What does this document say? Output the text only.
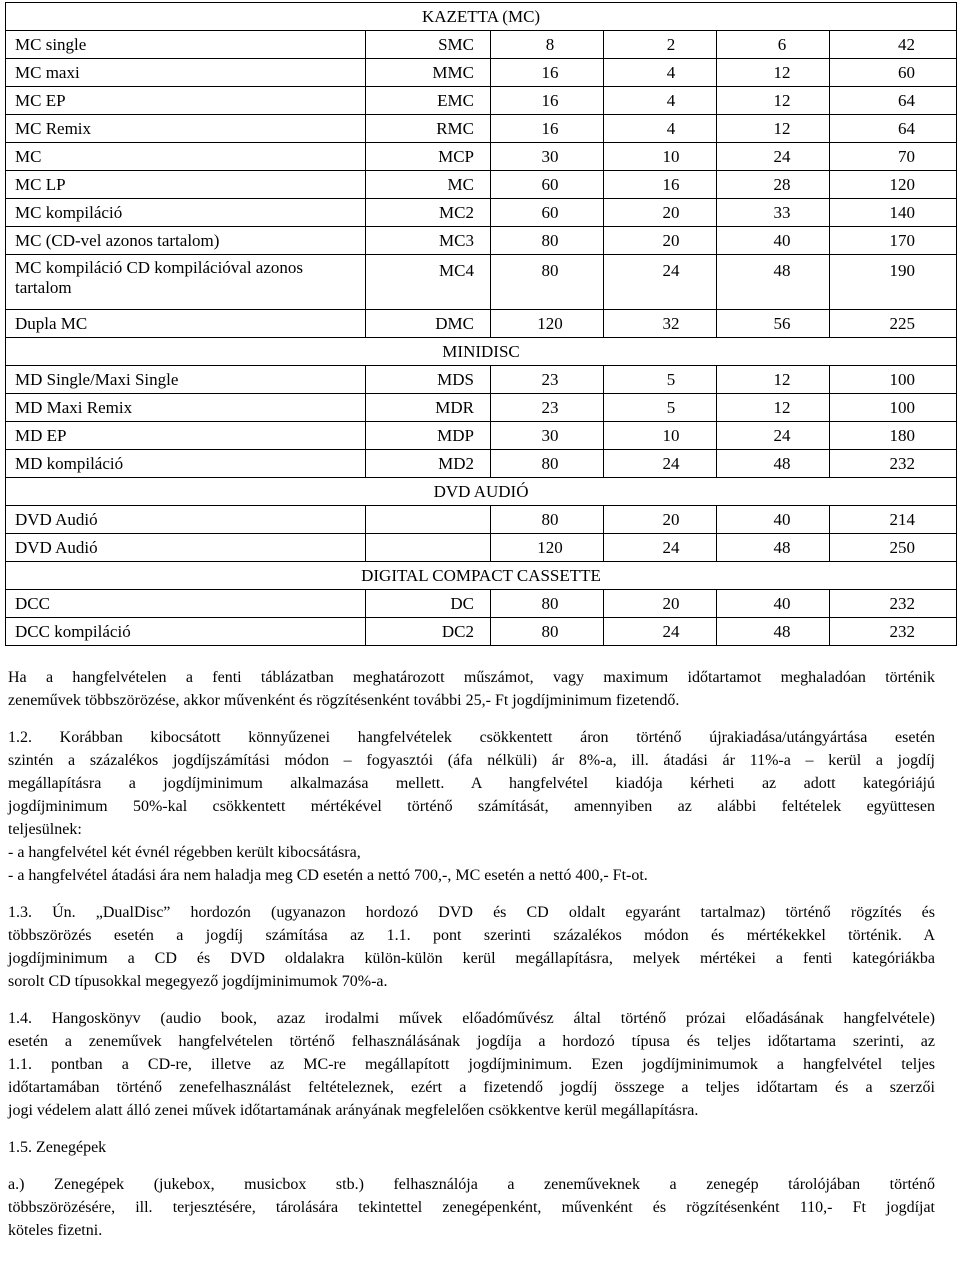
KAZETTA (MC)					
MC single	SMC	8	2	6	42
MC maxi	MMC	16	4	12	60
MC EP	EMC	16	4	12	64
MC Remix	RMC	16	4	12	64
MC	MCP	30	10	24	70
MC LP	MC	60	16	28	120
MC kompiláció	MC2	60	20	33	140
MC (CD-vel azonos tartalom)	MC3	80	20	40	170
MC kompiláció CD kompilációval azonos tartalom	MC4	80	24	48	190
Dupla MC	DMC	120	32	56	225
MINIDISC					
MD Single/Maxi Single	MDS	23	5	12	100
MD Maxi Remix	MDR	23	5	12	100
MD EP	MDP	30	10	24	180
MD kompiláció	MD2	80	24	48	232
DVD AUDIÓ					
DVD Audió		80	20	40	214
DVD Audió		120	24	48	250
DIGITAL COMPACT CASSETTE					
DCC	DC	80	20	40	232
DCC kompiláció	DC2	80	24	48	232

Ha a hangfelvételen a fenti táblázatban meghatározott műszámot, vagy maximum időtartamot meghaladóan történik
zeneművek többszörözése, akkor művenként és rögzítésenként további 25,- Ft jogdíjminimum fizetendő.

1.2. Korábban kibocsátott könnyűzenei hangfelvételek csökkentett áron történő újrakiadása/utángyártása esetén
szintén a százalékos jogdíjszámítási módon – fogyasztói (áfa nélküli) ár 8%-a, ill. átadási ár 11%-a – kerül a jogdíj
megállapításra a jogdíjminimum alkalmazása mellett. A hangfelvétel kiadója kérheti az adott kategóriájú
jogdíjminimum 50%-kal csökkentett mértékével történő számítását, amennyiben az alábbi feltételek együttesen
teljesülnek:
- a hangfelvétel két évnél régebben került kibocsátásra,
- a hangfelvétel átadási ára nem haladja meg CD esetén a nettó 700,-, MC esetén a nettó 400,- Ft-ot.

1.3. Ún. „DualDisc” hordozón (ugyanazon hordozó DVD és CD oldalt egyaránt tartalmaz) történő rögzítés és
többszörözés esetén a jogdíj számítása az 1.1. pont szerinti százalékos módon és mértékekkel történik. A
jogdíjminimum a CD és DVD oldalakra külön-külön kerül megállapításra, melyek mértékei a fenti kategóriákba
sorolt CD típusokkal megegyező jogdíjminimumok 70%-a.

1.4. Hangoskönyv (audio book, azaz irodalmi művek előadóművész által történő prózai előadásának hangfelvétele)
esetén a zeneművek hangfelvételen történő felhasználásának jogdíja a hordozó típusa és teljes időtartama szerinti, az
1.1. pontban a CD-re, illetve az MC-re megállapított jogdíjminimum. Ezen jogdíjminimumok a hangfelvétel teljes
időtartamában történő zenefelhasználást feltételeznek, ezért a fizetendő jogdíj összege a teljes időtartam és a szerzői
jogi védelem alatt álló zenei művek időtartamának arányának megfelelően csökkentve kerül megállapításra.

1.5. Zenegépek

a.) Zenegépek (jukebox, musicbox stb.) felhasználója a zeneműveknek a zenegép tárolójában történő
többszörözésére, ill. terjesztésére, tárolására tekintettel zenegépenként, művenként és rögzítésenként 110,- Ft jogdíjat
köteles fizetni.
